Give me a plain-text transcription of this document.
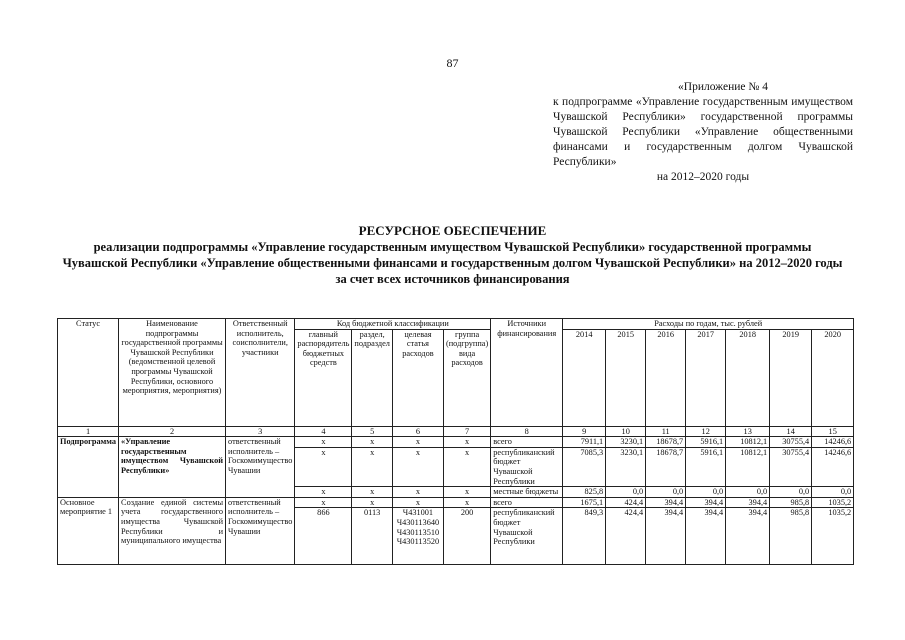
87
«Приложение № 4
к подпрограмме «Управление государственным имуществом Чувашской Республики» государственной программы Чувашской Республики «Управление общественными финансами и государственным долгом Чувашской Республики»
на 2012–2020 годы
РЕСУРСНОЕ ОБЕСПЕЧЕНИЕ
реализации подпрограммы «Управление государственным имуществом Чувашской Республики» государственной программы Чувашской Республики «Управление общественными финансами и государственным долгом Чувашской Республики» на 2012–2020 годы за счет всех источников финансирования
Статус	Наименование подпрограммы государственной программы Чувашской Республики (ведомственной целевой программы Чувашской Республики, основного мероприятия, мероприятия)	Ответственный исполнитель, соисполнители, участники	Код бюджетной классификации				Источники финансирования	Расходы по годам, тыс. рублей						
			главный распорядитель бюджетных средств	раздел, подраздел	целевая статья расходов	группа (подгруппа) вида расходов		2014	2015	2016	2017	2018	2019	2020
1	2	3	4	5	6	7	8	9	10	11	12	13	14	15
Подпрограмма	«Управление государственным имуществом Чувашской Республики»	ответственный исполнитель – Госкомимущество Чувашии	x	x	x	x	всего	7911,1	3230,1	18678,7	5916,1	10812,1	30755,4	14246,6
			x	x	x	x	республиканский бюджет Чувашской Республики	7085,3	3230,1	18678,7	5916,1	10812,1	30755,4	14246,6
			x	x	x	x	местные бюджеты	825,8	0,0	0,0	0,0	0,0	0,0	0,0
Основное мероприятие 1	Создание единой системы учета государственного имущества Чувашской Республики и муниципального имущества	ответственный исполнитель – Госкомимущество Чувашии	x	x	x	x	всего	1675,1	424,4	394,4	394,4	394,4	985,8	1035,2
			866	0113	Ч431001
Ч430113640
Ч430113510
Ч430113520	200	республиканский бюджет Чувашской Республики	849,3	424,4	394,4	394,4	394,4	985,8	1035,2
